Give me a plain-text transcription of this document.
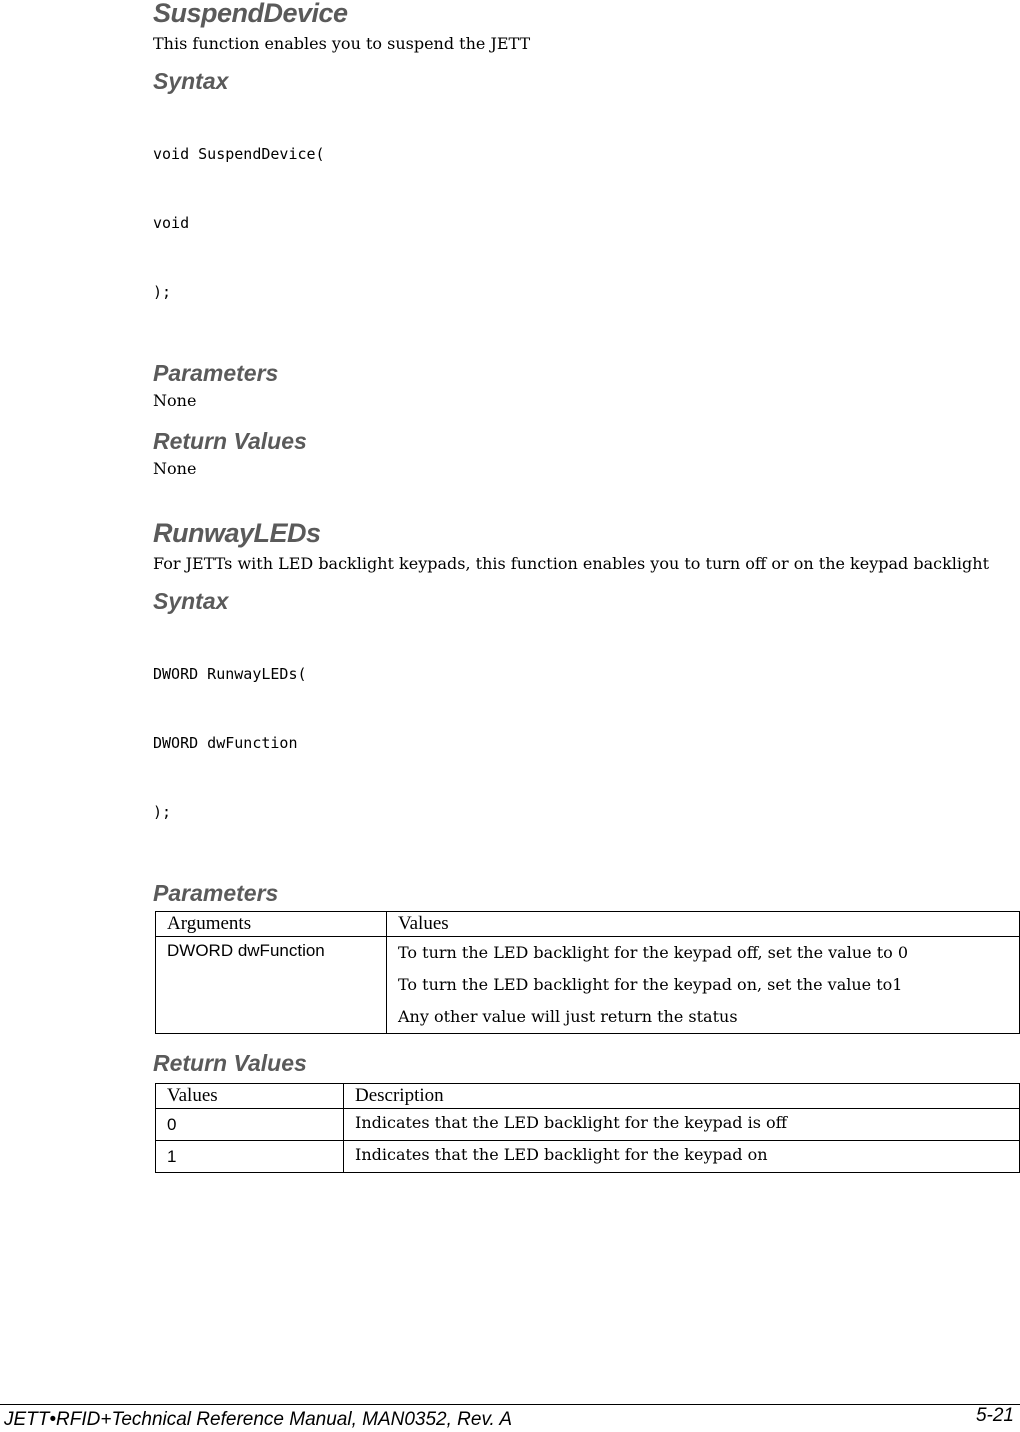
SuspendDevice

This function enables you to suspend the JETT

Syntax

void SuspendDevice(

void

);

Parameters

None

Return Values

None

RunwayLEDs

For JETTs with LED backlight keypads, this function enables you to turn off or on the keypad backlight

Syntax

DWORD RunwayLEDs(

DWORD dwFunction

);

Parameters
Arguments	Values
DWORD dwFunction	To turn the LED backlight for the keypad off, set the value to 0
To turn the LED backlight for the keypad on, set the value to1
Any other value will just return the status
Return Values
Values	Description
0	Indicates that the LED backlight for the keypad is off
1	Indicates that the LED backlight for the keypad on
JETT•RFID+Technical Reference Manual, MAN0352, Rev. A	5-21
